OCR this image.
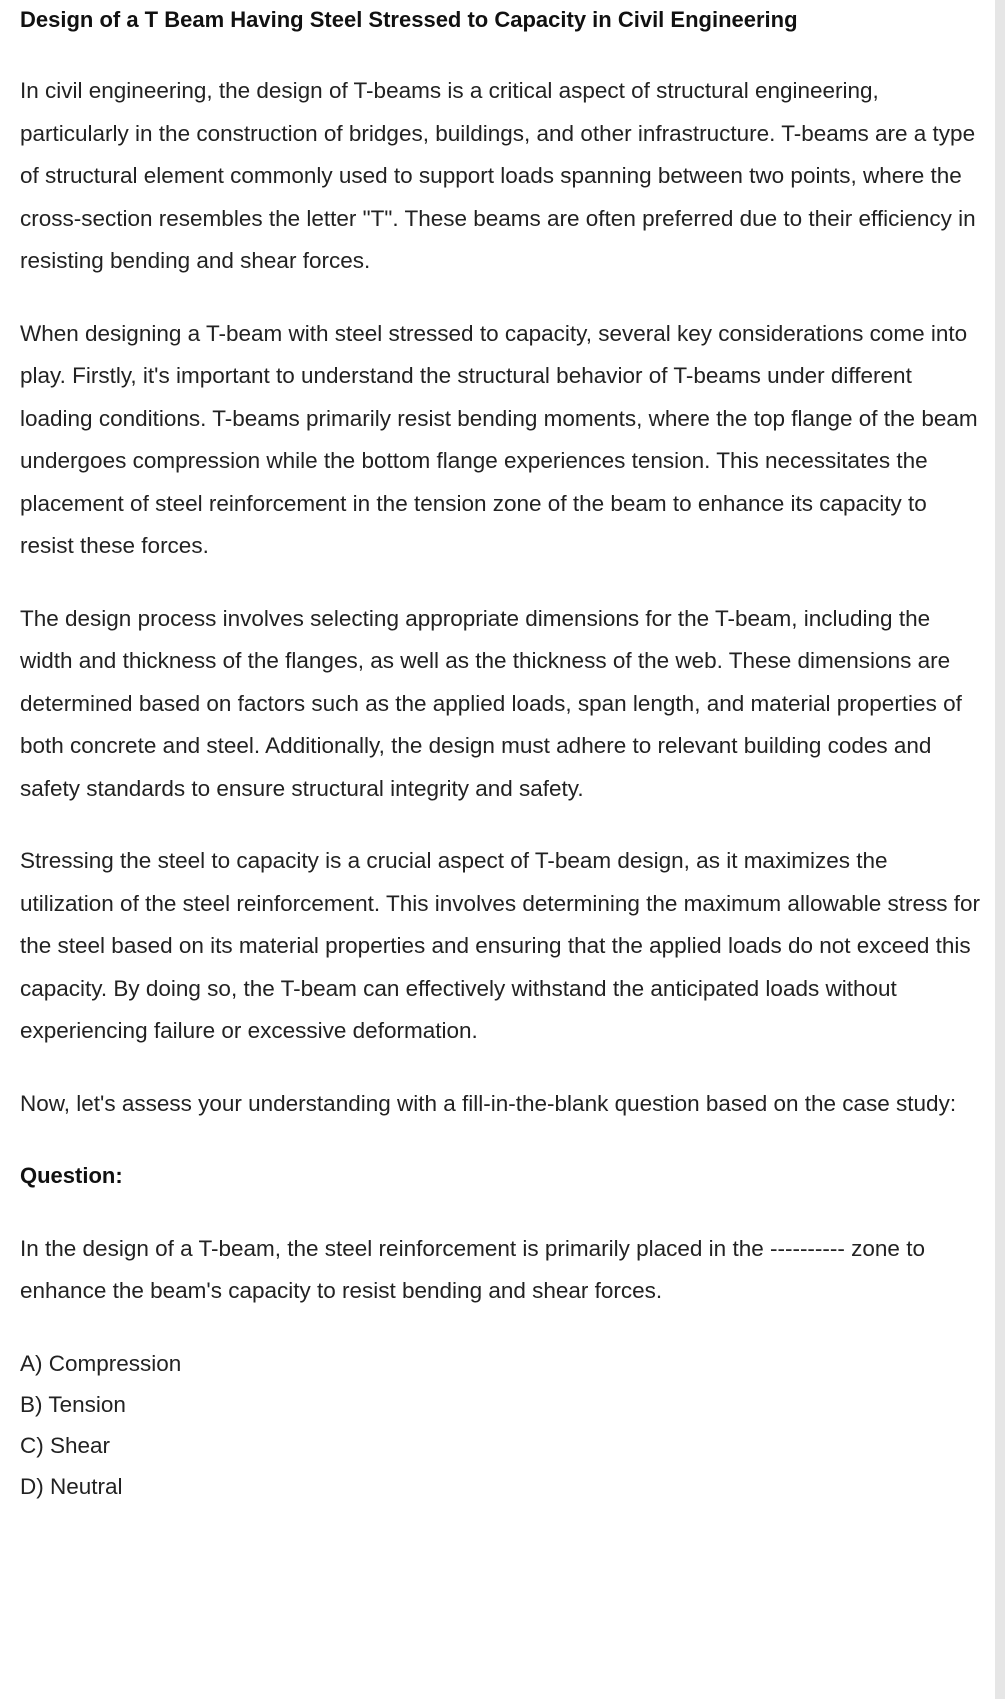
Design of a T Beam Having Steel Stressed to Capacity in Civil Engineering

In civil engineering, the design of T-beams is a critical aspect of structural engineering, particularly in the construction of bridges, buildings, and other infrastructure. T-beams are a type of structural element commonly used to support loads spanning between two points, where the cross-section resembles the letter "T". These beams are often preferred due to their efficiency in resisting bending and shear forces.

When designing a T-beam with steel stressed to capacity, several key considerations come into play. Firstly, it's important to understand the structural behavior of T-beams under different loading conditions. T-beams primarily resist bending moments, where the top flange of the beam undergoes compression while the bottom flange experiences tension. This necessitates the placement of steel reinforcement in the tension zone of the beam to enhance its capacity to resist these forces.

The design process involves selecting appropriate dimensions for the T-beam, including the width and thickness of the flanges, as well as the thickness of the web. These dimensions are determined based on factors such as the applied loads, span length, and material properties of both concrete and steel. Additionally, the design must adhere to relevant building codes and safety standards to ensure structural integrity and safety.

Stressing the steel to capacity is a crucial aspect of T-beam design, as it maximizes the utilization of the steel reinforcement. This involves determining the maximum allowable stress for the steel based on its material properties and ensuring that the applied loads do not exceed this capacity. By doing so, the T-beam can effectively withstand the anticipated loads without experiencing failure or excessive deformation.

Now, let's assess your understanding with a fill-in-the-blank question based on the case study:

Question:

In the design of a T-beam, the steel reinforcement is primarily placed in the ---------- zone to enhance the beam's capacity to resist bending and shear forces.

A) Compression
B) Tension
C) Shear
D) Neutral
